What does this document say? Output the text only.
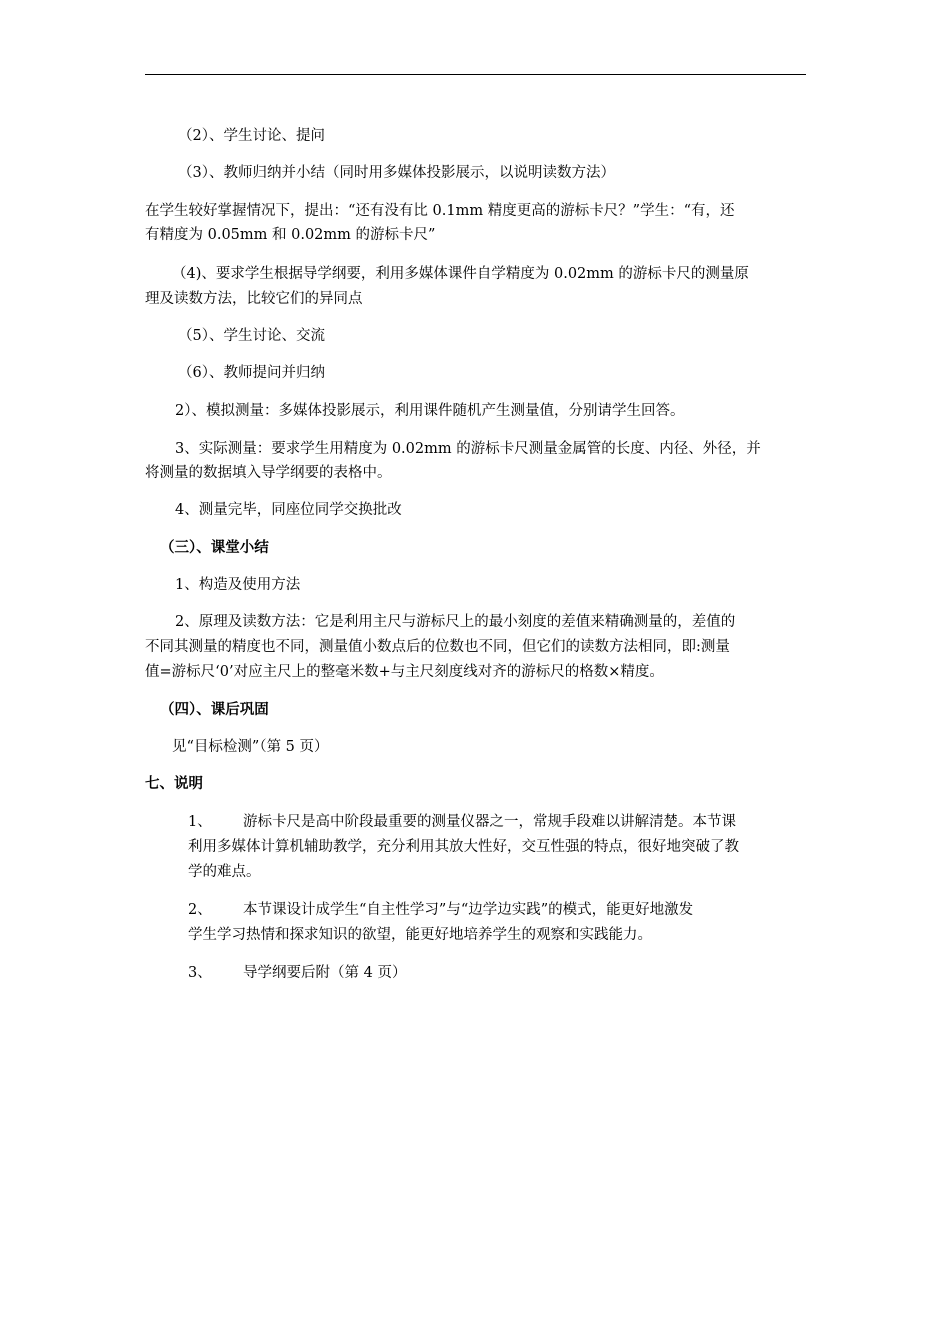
（2）、学生讨论、提问
（3）、教师归纳并小结（同时用多媒体投影展示，以说明读数方法）
在学生较好掌握情况下，提出：“还有没有比 0.1mm 精度更高的游标卡尺？”学生：“有，还
有精度为 0.05mm 和 0.02mm 的游标卡尺”
（4)、要求学生根据导学纲要，利用多媒体课件自学精度为 0.02mm 的游标卡尺的测量原
理及读数方法，比较它们的异同点
（5）、学生讨论、交流
（6）、教师提问并归纳
2）、模拟测量：多媒体投影展示，利用课件随机产生测量值，分别请学生回答。
3、实际测量：要求学生用精度为 0.02mm 的游标卡尺测量金属管的长度、内径、外径，并
将测量的数据填入导学纲要的表格中。
4、测量完毕，同座位同学交换批改
（三）、课堂小结
1、构造及使用方法
2、原理及读数方法：它是利用主尺与游标尺上的最小刻度的差值来精确测量的，差值的
不同其测量的精度也不同，测量值小数点后的位数也不同，但它们的读数方法相同，即:测量
值=游标尺‘0’对应主尺上的整毫米数+与主尺刻度线对齐的游标尺的格数×精度。
（四）、课后巩固
见“目标检测”（第 5 页）
七、说明
1、 游标卡尺是高中阶段最重要的测量仪器之一，常规手段难以讲解清楚。本节课
利用多媒体计算机辅助教学，充分利用其放大性好，交互性强的特点，很好地突破了教
学的难点。
2、 本节课设计成学生“自主性学习”与“边学边实践”的模式，能更好地激发
学生学习热情和探求知识的欲望，能更好地培养学生的观察和实践能力。
3、 导学纲要后附（第 4 页）
